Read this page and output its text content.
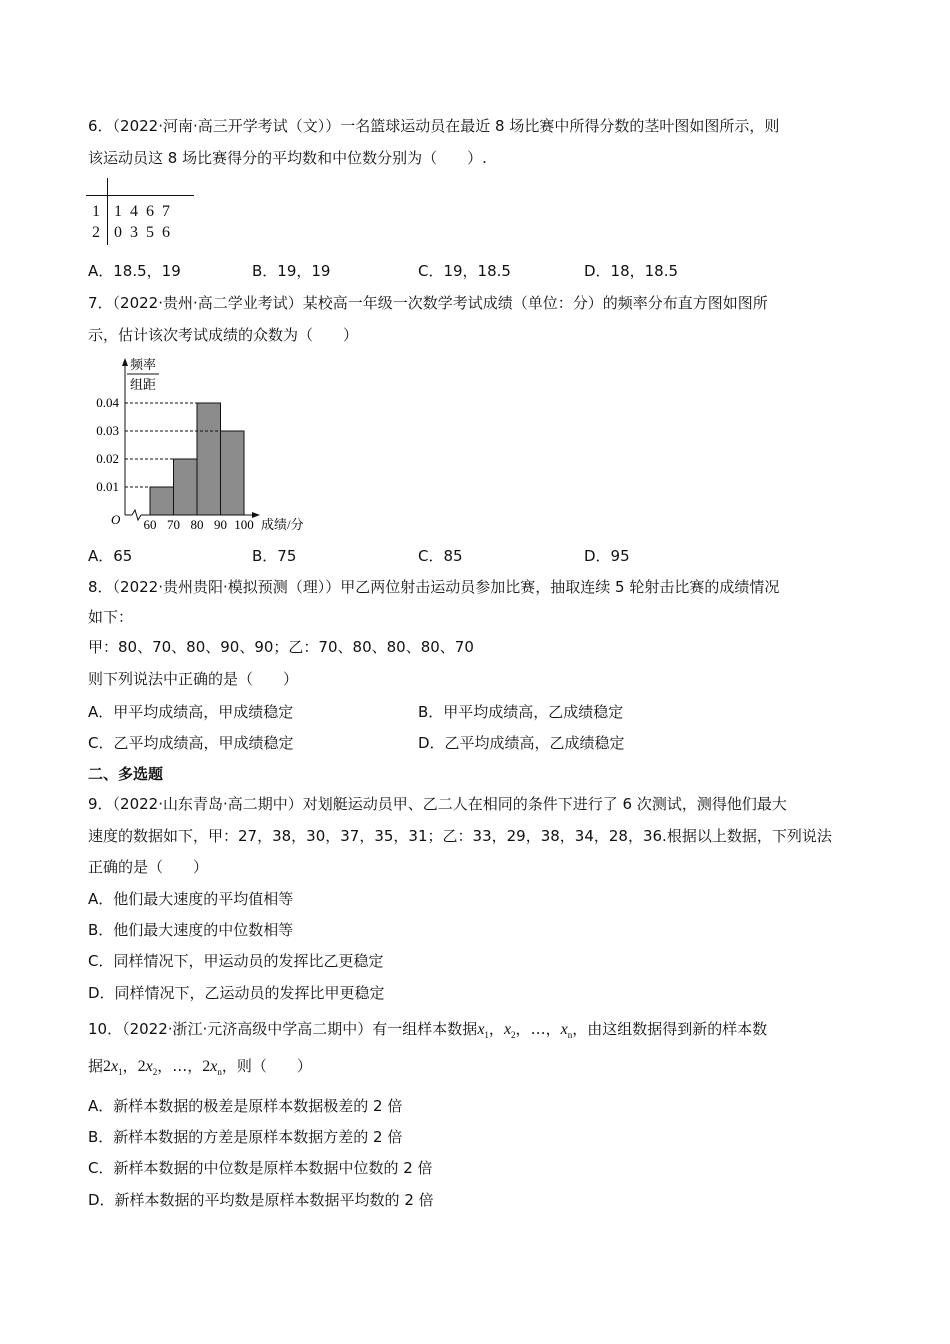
6．（2022·河南·高三开学考试（文））一名篮球运动员在最近 8 场比赛中所得分数的茎叶图如图所示，则
该运动员这 8 场比赛得分的平均数和中位数分别为（　　）.
1 1  4  6  7
2 0  3  5  6
A．18.5，19	B．19，19	C．19，18.5	D．18，18.5
7．（2022·贵州·高二学业考试）某校高一年级一次数学考试成绩（单位：分）的频率分布直方图如图所
示，估计该次考试成绩的众数为（　　）
频率
组距
成绩/分
O
0.01
0.02
0.03
0.04
60 70 80 90 100
A．65	B．75	C．85	D．95
8．（2022·贵州贵阳·模拟预测（理））甲乙两位射击运动员参加比赛，抽取连续 5 轮射击比赛的成绩情况
如下：
甲：80、70、80、90、90；乙：70、80、80、80、70
则下列说法中正确的是（　　）
A．甲平均成绩高，甲成绩稳定	B．甲平均成绩高，乙成绩稳定
C．乙平均成绩高，甲成绩稳定	D．乙平均成绩高，乙成绩稳定
二、多选题
9．（2022·山东青岛·高二期中）对划艇运动员甲、乙二人在相同的条件下进行了 6 次测试，测得他们最大
速度的数据如下，甲：27，38，30，37，35，31；乙：33，29，38，34，28，36.根据以上数据，下列说法
正确的是（　　）
A．他们最大速度的平均值相等
B．他们最大速度的中位数相等
C．同样情况下，甲运动员的发挥比乙更稳定
D．同样情况下，乙运动员的发挥比甲更稳定
10．（2022·浙江·元济高级中学高二期中）有一组样本数据$x_1$，$x_2$，…，$x_n$，由这组数据得到新的样本数
据$2x_1$，$2x_2$，…，$2x_n$，则（　　）
A．新样本数据的极差是原样本数据极差的 2 倍
B．新样本数据的方差是原样本数据方差的 2 倍
C．新样本数据的中位数是原样本数据中位数的 2 倍
D．新样本数据的平均数是原样本数据平均数的 2 倍
